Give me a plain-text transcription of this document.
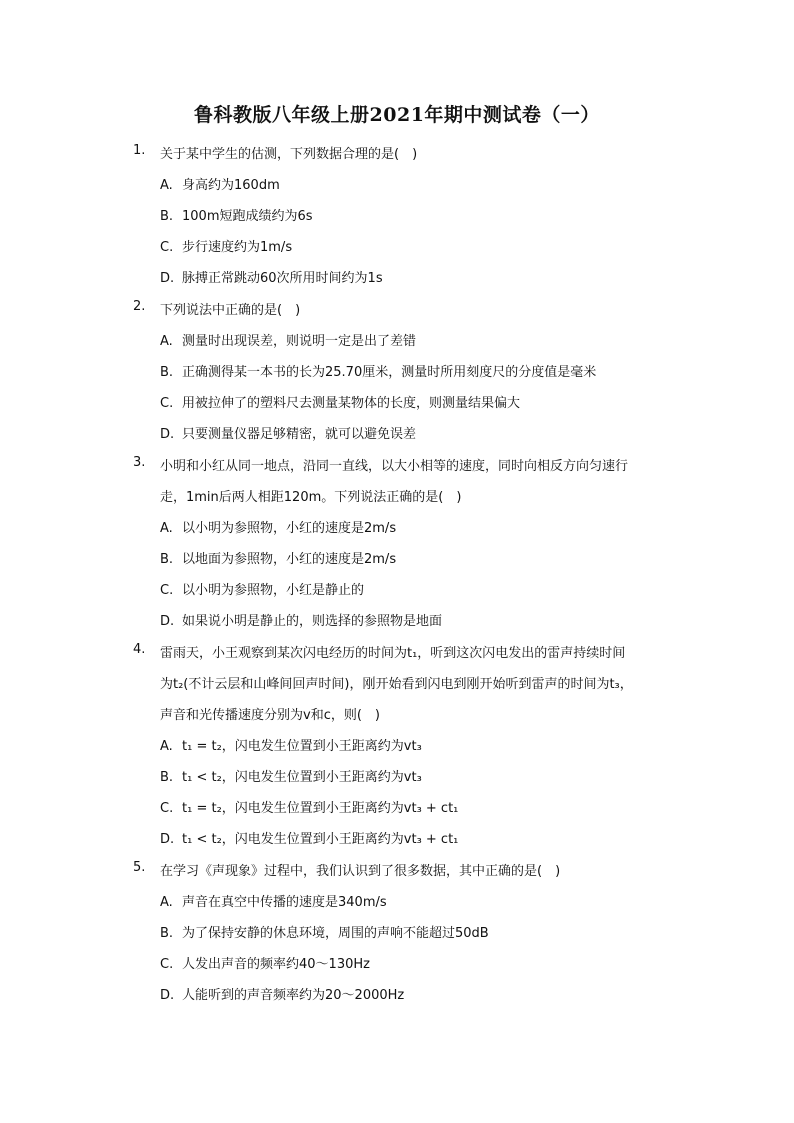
鲁科教版八年级上册2021年期中测试卷（一）
1. 关于某中学生的估测，下列数据合理的是(　)
A. 身高约为160dm
B. 100m短跑成绩约为6s
C. 步行速度约为1m/s
D. 脉搏正常跳动60次所用时间约为1s
2. 下列说法中正确的是(　)
A. 测量时出现误差，则说明一定是出了差错
B. 正确测得某一本书的长为25.70厘米，测量时所用刻度尺的分度值是毫米
C. 用被拉伸了的塑料尺去测量某物体的长度，则测量结果偏大
D. 只要测量仪器足够精密，就可以避免误差
3. 小明和小红从同一地点，沿同一直线，以大小相等的速度，同时向相反方向匀速行
走，1min后两人相距120m。下列说法正确的是(　)
A. 以小明为参照物，小红的速度是2m/s
B. 以地面为参照物，小红的速度是2m/s
C. 以小明为参照物，小红是静止的
D. 如果说小明是静止的，则选择的参照物是地面
4. 雷雨天，小王观察到某次闪电经历的时间为t₁，听到这次闪电发出的雷声持续时间
为t₂(不计云层和山峰间回声时间)，刚开始看到闪电到刚开始听到雷声的时间为t₃，
声音和光传播速度分别为v和c，则(　)
A. t₁ = t₂，闪电发生位置到小王距离约为vt₃
B. t₁ < t₂，闪电发生位置到小王距离约为vt₃
C. t₁ = t₂，闪电发生位置到小王距离约为vt₃ + ct₁
D. t₁ < t₂，闪电发生位置到小王距离约为vt₃ + ct₁
5. 在学习《声现象》过程中，我们认识到了很多数据，其中正确的是(　)
A. 声音在真空中传播的速度是340m/s
B. 为了保持安静的休息环境，周围的声响不能超过50dB
C. 人发出声音的频率约40～130Hz
D. 人能听到的声音频率约为20～2000Hz
